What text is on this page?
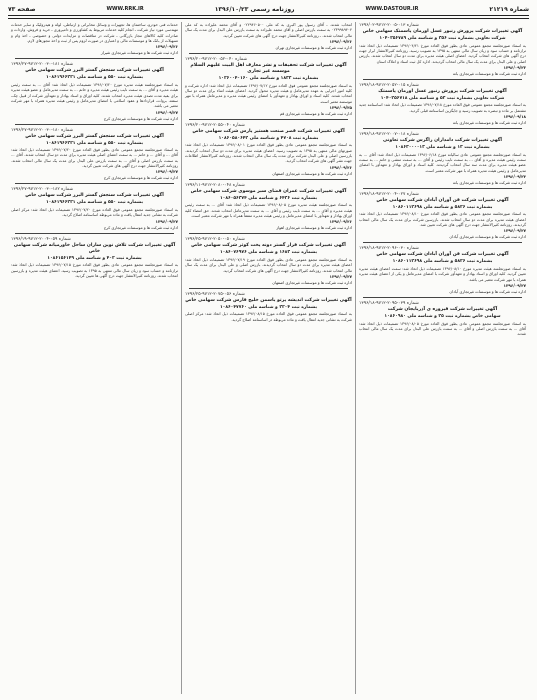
شماره ۲۱۲۱۹
WWW.DASTOUR.IR
روزنامه رسمی ۱۳۹۶/۱۰/۲۳
WWW.RRK.IR
صفحه ۷۳
شماره ۰۱۳-۲۰۰۵-۹۷۱۲-۱۳۹۶/۰۲
آگهی تغییرات شرکت پرورش زنبور عسل اورمان پاسمتک سهامی خاص
شرکت تعاونی بشماره ثبت ۳۵۶ و شناسه ملی ۱۰۴۰۲۵۶۷۸۹

به استناد صورتجلسه مجمع عمومی عادی بطور فوق العاده مورخ ۱۳۹۶/۰۴/۲۱ تصمیمات ذیل اتخاذ شد: ترازنامه و حساب سود و زیان سال مالی منتهی به ۱۳۹۵ به تصویب رسید. روزنامه کثیرالانتشار ابرار جهت درج آگهی های شرکت انتخاب گردید. اعضای اصلی هیئت مدیره برای مدت دو سال انتخاب شدند. بازرس اصلی و علی البدل برای مدت یک سال مالی انتخاب گردیدند. اداره کل ثبت اسناد و املاک استان

۱۳۹۶/۰۹/۲۳
اداره ثبت شرکت ها و موسسات غیرتجاری بانه
شماره ۰۱۵-۲۰۵۲-۹۷۱۲-۱۳۹۶/۱۸
آگهی تغییرات شرکت پرورش زنبور عسل اورمان پاسمتک
شرکت تعاونی بشماره ثبت ۵۲ و شناسه ملی ۱۰۴۰۲۵۶۷۱۸

به استناد صورتجلسه مجمع عمومی فوق العاده مورخ ۱۳۹۶/۰۷/۱۸ تصمیمات ذیل اتخاذ شد: اساسنامه جدید مشتمل بر ماده و تبصره به تصویب رسید و جایگزین اساسنامه قبلی گردید.

۱۳۹۶/۰۹/۱۸
اداره ثبت شرکت ها و موسسات غیرتجاری بانه
شماره ۰۱۸-۲۰۰۷-۹۷۱۲-۱۳۹۶/۱۸
آگهی تغییرات شرکت دامداران زاگرس شرکت تعاونی
بشماره ثبت ۱۳ و شناسه ملی ۱۰۸۶۳۰۰۰۰۱۳

به استناد صورتجلسه مجمع عمومی عادی سالیانه مورخ ۱۳۹۶/۰۶/۱۸ تصمیمات ذیل اتخاذ شد: آقای ... به سمت رئیس هیئت مدیره و آقای ... به سمت نایب رئیس و آقای ... به سمت منشی و خانم ... به سمت عضو هیئت مدیره برای مدت سه سال انتخاب گردیدند. کلیه اسناد و اوراق بهادار و تعهدآور با امضای مدیرعامل و رئیس هیئت مدیره همراه با مهر شرکت معتبر است.

۱۳۹۶/۰۹/۲۴
اداره ثبت شرکت ها و موسسات غیرتجاری بانه
شماره ۰۲۷-۲۰۰۴-۹۷۱۲-۱۳۹۶/۱۸
آگهی تغییرات شرکت فن آوران آبادان شرکت سهامی خاص
بشماره ثبت ۵۸۲۶ و شناسه ملی ۱۰۸۶۰۱۱۲۶۹۸

به استناد صورتجلسه مجمع عمومی عادی بطور فوق العاده مورخ ۱۳۹۶/۰۸/۱۰ تصمیمات ذیل اتخاذ شد: اعضای هیئت مدیره برای مدت دو سال انتخاب شدند. بازرسین شرکت برای مدت یک سال مالی انتخاب گردیدند. روزنامه کثیرالانتشار جهت درج آگهی های شرکت تعیین شد.

۱۳۹۶/۰۹/۲۷
اداره ثبت شرکت ها و موسسات غیرتجاری آبادان
شماره ۰۳۰-۲۰۹۶-۹۷۱۲-۱۳۹۶/۱۸
آگهی تغییرات شرکت فن آوران آبادان شرکت سهامی خاص
بشماره ثبت ۵۸۲۶ و شناسه ملی ۱۰۸۶۰۱۱۲۶۹۸

به استناد صورتجلسه هیئت مدیره مورخ ۱۳۹۶/۰۸/۱۰ تصمیمات ذیل اتخاذ شد: سمت اعضای هیئت مدیره تعیین گردید. کلیه اوراق و اسناد بهادار و تعهدآور شرکت با امضای مدیرعامل و یکی از اعضای هیئت مدیره همراه با مهر شرکت معتبر می باشد.

۱۳۹۶/۰۹/۲۷
اداره ثبت شرکت ها و موسسات غیرتجاری آبادان
شماره ۰۳۹-۲۰۹۵-۹۷۱۲-۱۳۹۶/۱۸
آگهی تغییرات شرکت فیروزه ی آذربایجان شرکت
سهامی خاص بشماره ثبت ۲۵ و شناسه ملی ۱۰۸۶۰۹۸۰

به استناد صورتجلسه مجمع عمومی عادی بطور فوق العاده مورخ ۱۳۹۶/۰۸/۰۵ تصمیمات ذیل اتخاذ شد: آقای ... به سمت بازرس اصلی و آقای ... به سمت بازرس علی البدل برای مدت یک سال مالی انتخاب شدند.

انتخاب شدند. ـ آقای رسول پور اکبری به کد ملی ۰۲۲۹۴۶۰۵۰۰ و آقای محمد علیزاده به کد ملی ۰۲۳۹۹۸۹۴۰۴ به سمت بازرس اصلی و آقای محمد علیزاده به سمت بازرس علی البدل برای مدت یک سال مالی انتخاب شدند. ـ روزنامه کثیرالانتشار جهت درج آگهی های شرکت تعیین گردید.

۱۳۹۶/۰۹/۲۶
اداره ثبت شرکت ها و موسسات غیرتجاری تهران
شماره ۰۴۰-۲۰۰۵۲-۹۷۱۲-۱۳۹۶/۲۰
آگهی تغییرات شرکت تحقیقات و نشر معارف اهل البیت علیهم السلام موسسه غیر تجاری
بشماره ثبت ۱۸۳۲ و شناسه ملی ۱۰۲۶۰۰۴۰۱۶۰

به استناد صورتجلسه مجمع عمومی فوق العاده مورخ ۱۳۹۶/۰۷/۱۲ تصمیمات ذیل اتخاذ شد: اداره شرکت و کلیه امور اجرایی به عهده مدیرعامل و هیئت مدیره محول گردید. اعضای هیئت امناء برای مدت دو سال انتخاب شدند. کلیه اسناد و اوراق بهادار و تعهدآور با امضای رئیس هیئت مدیره و مدیرعامل همراه با مهر موسسه معتبر است.

۱۳۹۶/۰۹/۲۵
اداره ثبت شرکت ها و موسسات غیرتجاری قم
شماره ۰۴۰-۲۰۵۵-۹۷۱۲-۱۳۹۶/۲۰
آگهی تغییرات شرکت قصر صنعت هستیر پارس شرکت سهامی خاص
بشماره ثبت ۴۷۰۸ و شناسه ملی ۱۰۸۶۰۵۸۰۶۴۲

به استناد صورتجلسه مجمع عمومی عادی بطور فوق العاده مورخ ۱۳۹۶/۰۸/۰۱ تصمیمات ذیل اتخاذ شد: صورتهای مالی منتهی به ۱۳۹۵ به تصویب رسید. اعضای هیئت مدیره برای مدت دو سال انتخاب گردیدند. بازرسین اصلی و علی البدل شرکت برای مدت یک سال مالی انتخاب شدند. روزنامه کثیرالانتشار اطلاعات جهت نشر آگهی های شرکت انتخاب گردید.

۱۳۹۶/۰۹/۲۶
اداره ثبت شرکت ها و موسسات غیرتجاری اصفهان
شماره ۰۴۸-۲۰۸۰-۹۷۱۲-۱۳۹۶/۱۱
آگهی تغییرات شرکت عمران فضای سبز موسوی شرکت سهامی خاص
بشماره ثبت ۶۴۳۶ و شناسه ملی ۱۰۸۶۰۵۶۳۷۴

به استناد صورتجلسه هیئت مدیره مورخ ۱۳۹۶/۰۸/۰۵ تصمیمات ذیل اتخاذ شد: آقای ... به سمت رئیس هیئت مدیره و آقای ... به سمت نایب رئیس و آقای ... به سمت مدیرعامل انتخاب شدند. حق امضاء کلیه اوراق بهادار و تعهدآور با امضای مدیرعامل و رئیس هیئت مدیره متفقاً همراه با مهر شرکت معتبر است.

۱۳۹۶/۰۹/۲۶
اداره ثبت شرکت ها و موسسات غیرتجاری اهواز
شماره ۰۵۰-۲۰۵۰-۹۷۱۲-۱۳۹۶/۲۵
آگهی تغییرات شرکت فراز گستر دونه پخت کوثر شرکت سهامی خاص
بشماره ثبت ۱۶۸۳ و شناسه ملی ۱۰۸۶۰۷۶۹۷۶

به استناد صورتجلسه مجمع عمومی عادی بطور فوق العاده مورخ ۱۳۹۶/۰۷/۱۹ تصمیمات ذیل اتخاذ شد: اعضای هیئت مدیره برای مدت دو سال انتخاب گردیدند. بازرس اصلی و علی البدل برای مدت یک سال مالی انتخاب شدند. روزنامه کثیرالانتشار جهت درج آگهی های شرکت انتخاب گردید.

۱۳۹۶/۰۹/۲۷
اداره ثبت شرکت ها و موسسات غیرتجاری اصفهان
شماره ۰۵۶-۲۰۷۵-۹۷۱۲-۱۳۹۶/۲۵
آگهی تغییرات شرکت اندیشه پرتو یاسمن خلیج فارس شرکت سهامی خاص
بشماره ثبت ۲۲۰۴ و شناسه ملی ۱۰۸۶۰۴۷۷۶۰

به استناد صورتجلسه مجمع عمومی فوق العاده مورخ ۱۳۹۶/۰۸/۱۵ تصمیمات ذیل اتخاذ شد: مرکز اصلی شرکت به نشانی جدید انتقال یافت و ماده مربوطه در اساسنامه اصلاح گردید.

خدمات فنی خودرو، ساختمان ها، تجهیزات و وسائل مخابراتی و ارتباطی، لوله و هیدرولیک و سایر خدمات مهندسی مورد نیاز شرکت ـ انجام کلیه خدمات مربوط به کشاورزی و دامپروری ـ خرید و فروش، واردات و صادرات کلیه کالاهای مجاز بازرگانی ـ شرکت در مناقصات و مزایدات دولتی و خصوصی ـ اخذ وام و تسهیلات از بانک ها و موسسات مالی و اعتباری در صورت لزوم پس از ثبت و اخذ مجوزهای لازم.

۱۳۹۶/۰۹/۲۶
اداره ثبت شرکت ها و موسسات غیرتجاری شیراز
شماره ۱۸۱-۲۰۰۳۰-۹۷۱۲-۱۳۹۶/۲۷
آگهی تغییرات شرکت سنجش گستر البرز شرکت سهامی خاص
بشماره ثبت ۵۵۰ و شناسه ملی ۱۰۸۶۱۹۶۶۲۲۱

به استناد صورتجلسه هیئت مدیره مورخ ۱۳۹۶/۰۷/۲۰ تصمیمات ذیل اتخاذ شد: آقای ... به سمت رئیس هیئت مدیره و آقای ... به سمت نایب رئیس هیئت مدیره و خانم ... به سمت مدیرعامل و عضو هیئت مدیره برای بقیه مدت تصدی هیئت مدیره انتخاب شدند. کلیه اوراق و اسناد بهادار و تعهدآور شرکت از قبیل چک، سفته، بروات، قراردادها و عقود اسلامی با امضای مدیرعامل و رئیس هیئت مدیره همراه با مهر شرکت معتبر می باشد.

۱۳۹۶/۰۹/۲۷
اداره ثبت شرکت ها و موسسات غیرتجاری کرج
شماره ۱۸۰-۲۰۰۳۰-۹۷۱۲-۱۳۹۶/۲۷
آگهی تغییرات شرکت سنجش گستر البرز شرکت سهامی خاص
بشماره ثبت ۵۵۰ و شناسه ملی ۱۰۸۶۱۹۶۶۲۲۱

به استناد صورتجلسه مجمع عمومی عادی بطور فوق العاده مورخ ۱۳۹۶/۰۷/۲۰ تصمیمات ذیل اتخاذ شد: آقای ... و آقای ... و خانم ... به سمت اعضای اصلی هیئت مدیره برای مدت دو سال انتخاب شدند. آقای ... به سمت بازرس اصلی و آقای ... به سمت بازرس علی البدل برای مدت یک سال مالی انتخاب شدند. روزنامه کثیرالانتشار جهت درج آگهی های شرکت تعیین گردید.

۱۳۹۶/۰۹/۲۷
اداره ثبت شرکت ها و موسسات غیرتجاری کرج
شماره ۱۸۲-۲۰۰۳۰-۹۷۱۲-۱۳۹۶/۲۷
آگهی تغییرات شرکت سنجش گستر البرز شرکت سهامی خاص
بشماره ثبت ۵۵۰ و شناسه ملی ۱۰۸۶۱۹۶۶۲۲۱

به استناد صورتجلسه مجمع عمومی فوق العاده مورخ ۱۳۹۶/۰۷/۲۰ تصمیمات ذیل اتخاذ شد: مرکز اصلی شرکت به نشانی جدید انتقال یافت و ماده مربوطه اساسنامه اصلاح گردید.

۱۳۹۶/۰۹/۲۷
اداره ثبت شرکت ها و موسسات غیرتجاری کرج
شماره ۰۵۹-۲۰۰۴-۹۷۱۲-۱۳۹۶/۱۹
آگهی تغییرات شرکت تلاش نوین سازان ساحل خاورمیانه شرکت سهامی خاص
بشماره ثبت ۴۰۲ و شناسه ملی ۱۰۸۶۱۵۶۱۴۹

به استناد صورتجلسه مجمع عمومی عادی بطور فوق العاده مورخ ۱۳۹۶/۰۷/۱۵ تصمیمات ذیل اتخاذ شد: ترازنامه و حساب سود و زیان سال مالی منتهی به ۱۳۹۵ به تصویب رسید. اعضای هیئت مدیره و بازرسین انتخاب شدند. روزنامه کثیرالانتشار جهت درج آگهی ها تعیین گردید.
